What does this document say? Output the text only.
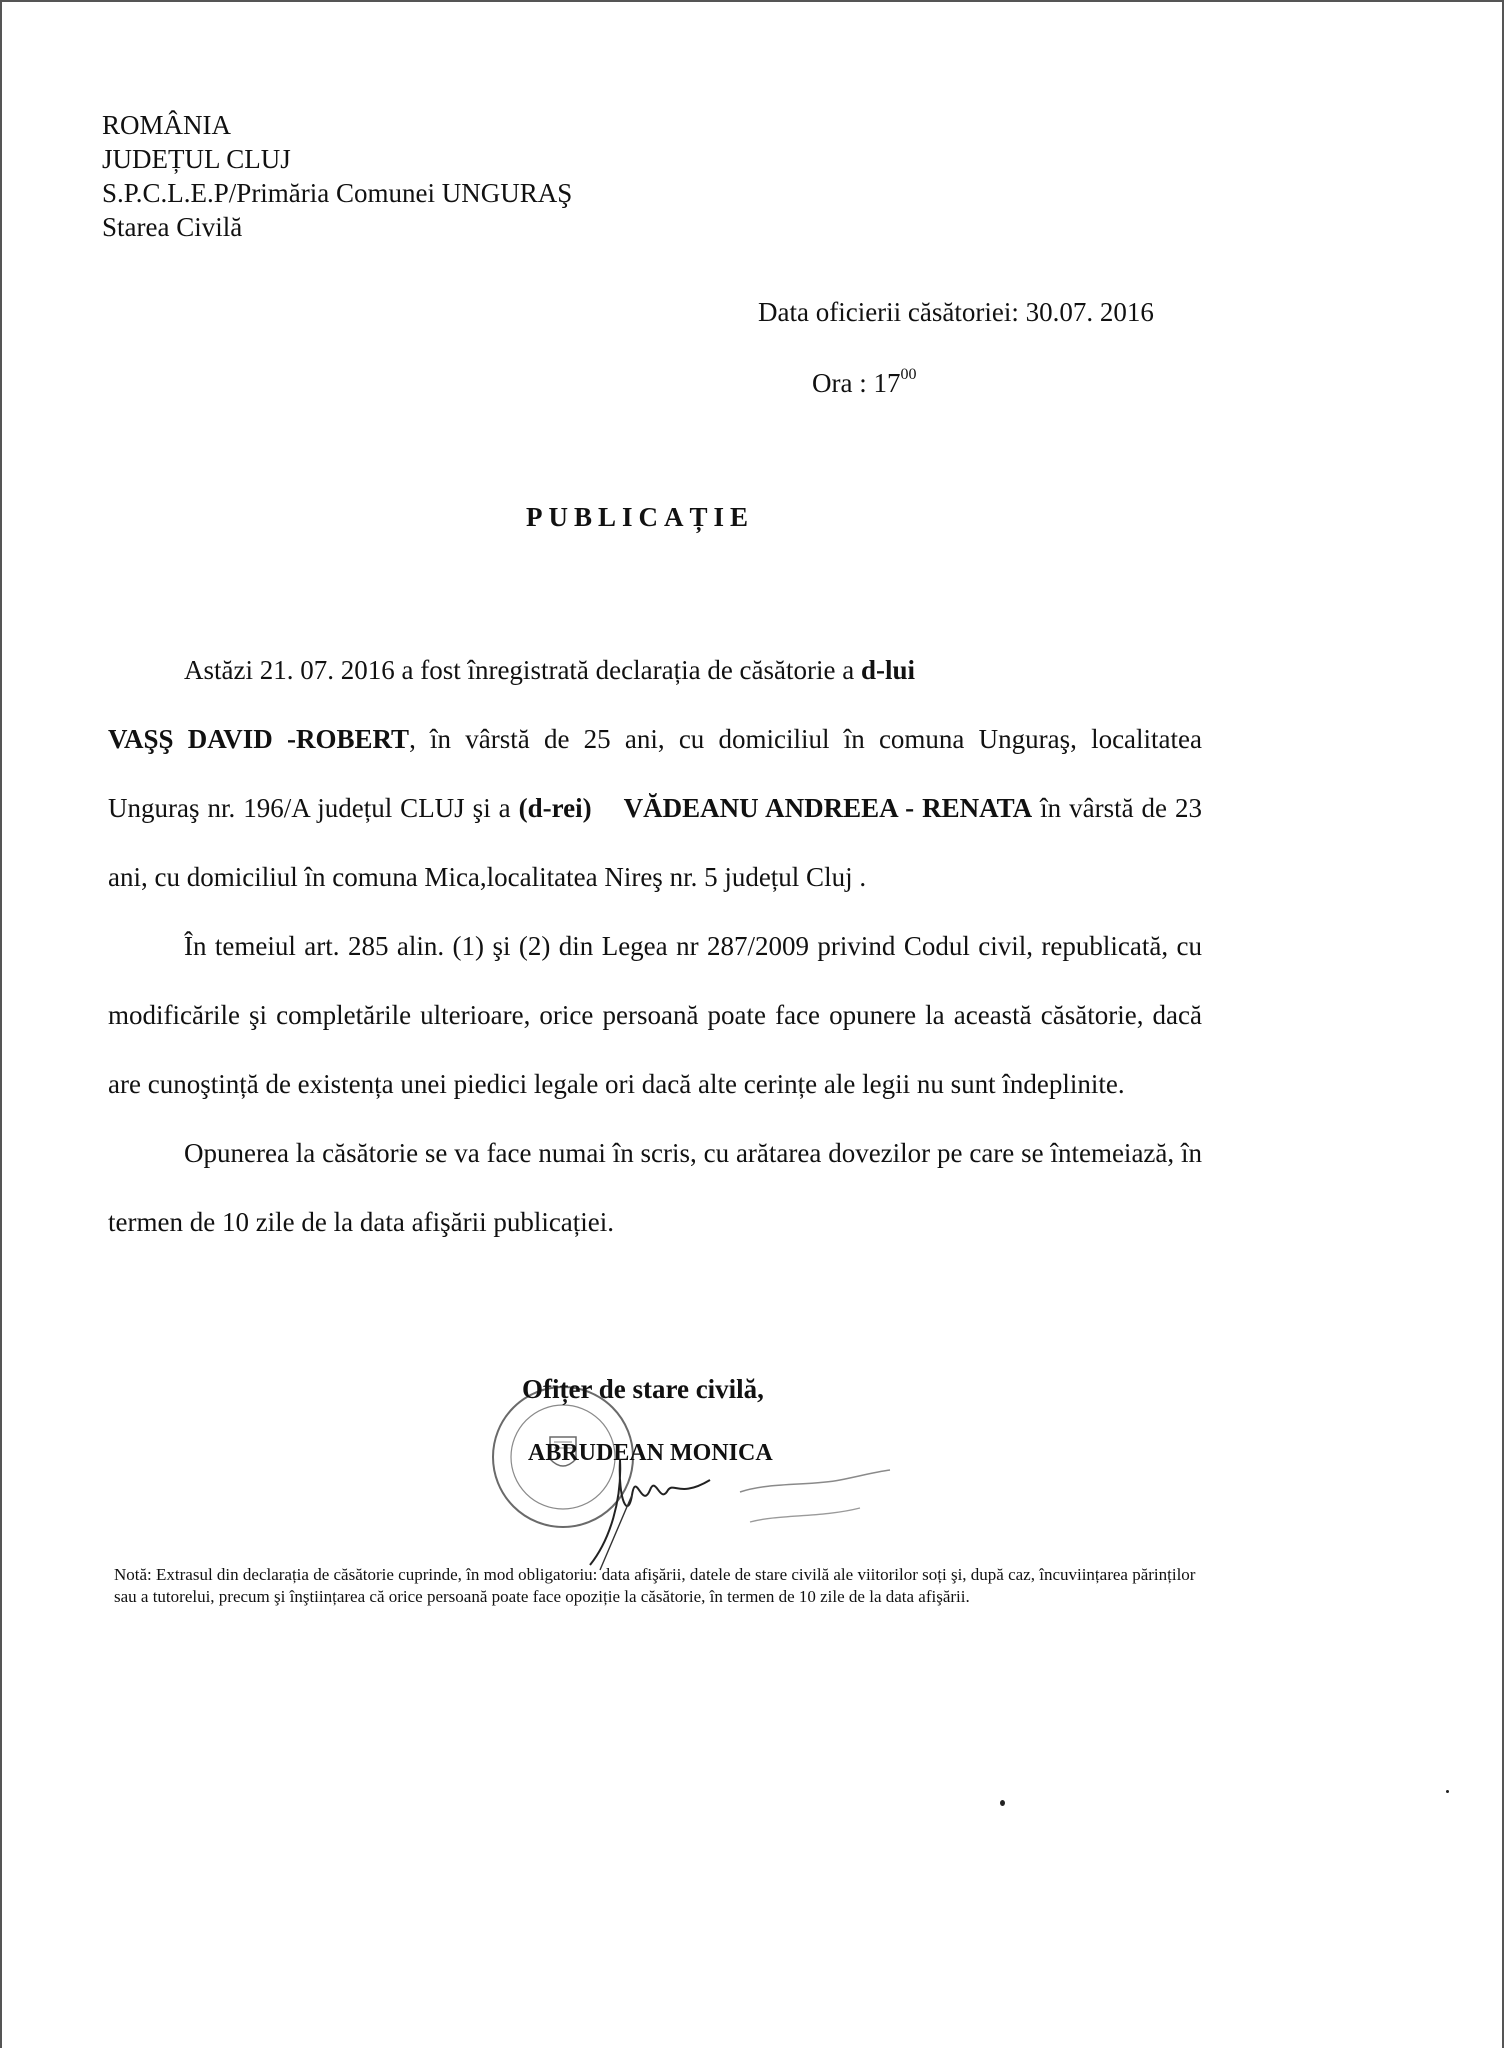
ROMÂNIA
JUDEȚUL CLUJ
S.P.C.L.E.P/Primăria Comunei UNGURAŞ
Starea Civilă
Data oficierii căsătoriei: 30.07. 2016
Ora : $17^{00}$
PUBLICAȚIE

Astăzi 21. 07. 2016 a fost înregistrată declarația de căsătorie a d-lui
VAŞŞ DAVID -ROBERT, în vârstă de 25 ani, cu domiciliul în comuna Unguraş, localitatea Unguraş nr. 196/A județul CLUJ şi a (d-rei) VĂDEANU ANDREEA - RENATA în vârstă de 23 ani, cu domiciliul în comuna Mica,localitatea Nireş nr. 5 județul Cluj .

În temeiul art. 285 alin. (1) şi (2) din Legea nr 287/2009 privind Codul civil, republicată, cu modificările şi completările ulterioare, orice persoană poate face opunere la această căsătorie, dacă are cunoştință de existența unei piedici legale ori dacă alte cerințe ale legii nu sunt îndeplinite.

Opunerea la căsătorie se va face numai în scris, cu arătarea dovezilor pe care se întemeiază, în termen de 10 zile de la data afişării publicației.

Ofițer de stare civilă,
ABRUDEAN MONICA
Notă: Extrasul din declarația de căsătorie cuprinde, în mod obligatoriu: data afişării, datele de stare civilă ale viitorilor soți şi, după caz, încuviințarea părinților sau a tutorelui, precum şi înştiințarea că orice persoană poate face opoziție la căsătorie, în termen de 10 zile de la data afişării.
